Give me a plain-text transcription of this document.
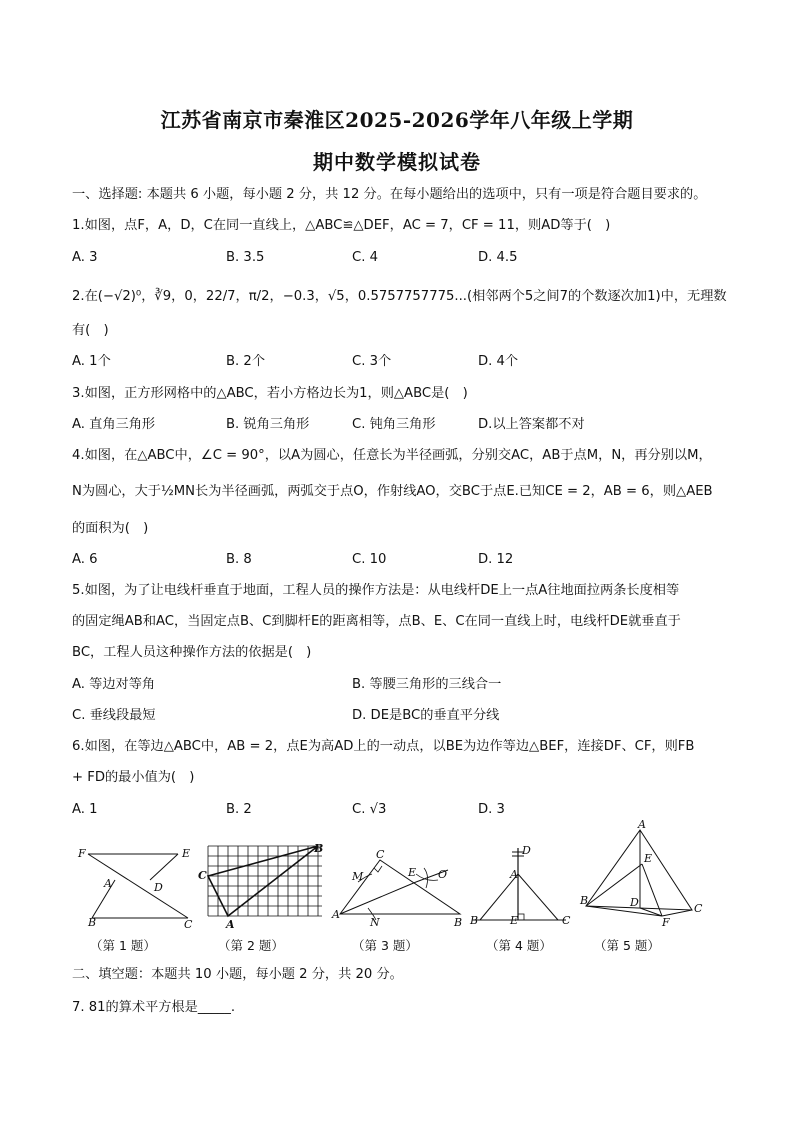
江苏省南京市秦淮区2025-2026学年八年级上学期
期中数学模拟试卷
一、选择题: 本题共 6 小题，每小题 2 分，共 12 分。在每小题给出的选项中，只有一项是符合题目要求的。
1.如图，点F，A，D，C在同一直线上，△ABC≌△DEF，AC = 7，CF = 11，则AD等于(　)
A. 3	B. 3.5	C. 4	D. 4.5
2.在(−√2)⁰，∛9，0，22/7，π/2，−0.3，√5，0.5757757775...(相邻两个5之间7的个数逐次加1)中，无理数
有(　)
A. 1个	B. 2个	C. 3个	D. 4个
3.如图，正方形网格中的△ABC，若小方格边长为1，则△ABC是(　)
A. 直角三角形	B. 锐角三角形	C. 钝角三角形	D.以上答案都不对
4.如图，在△ABC中，∠C = 90°，以A为圆心，任意长为半径画弧，分别交AC，AB于点M，N，再分别以M，
N为圆心，大于½MN长为半径画弧，两弧交于点O，作射线AO，交BC于点E.已知CE = 2，AB = 6，则△AEB
的面积为(　)
A. 6	B. 8	C. 10	D. 12
5.如图，为了让电线杆垂直于地面，工程人员的操作方法是：从电线杆DE上一点A往地面拉两条长度相等
的固定绳AB和AC，当固定点B、C到脚杆E的距离相等，点B、E、C在同一直线上时，电线杆DE就垂直于
BC，工程人员这种操作方法的依据是(　)
A. 等边对等角	B. 等腰三角形的三线合一
C. 垂线段最短	D. DE是BC的垂直平分线
6.如图，在等边△ABC中，AB = 2，点E为高AD上的一动点，以BE为边作等边△BEF，连接DF、CF，则FB
+ FD的最小值为(　)
A. 1	B. 2	C. √3	D. 3
F	E
A	D
B	C
C
B
A
C
M	E O
A
N	B
D
A
B	E	C
A
E
B	D	C
F
（第 1 题）	（第 2 题）	（第 3 题）	（第 4 题）	（第 5 题）
二、填空题：本题共 10 小题，每小题 2 分，共 20 分。
7. 81的算术平方根是_____.
